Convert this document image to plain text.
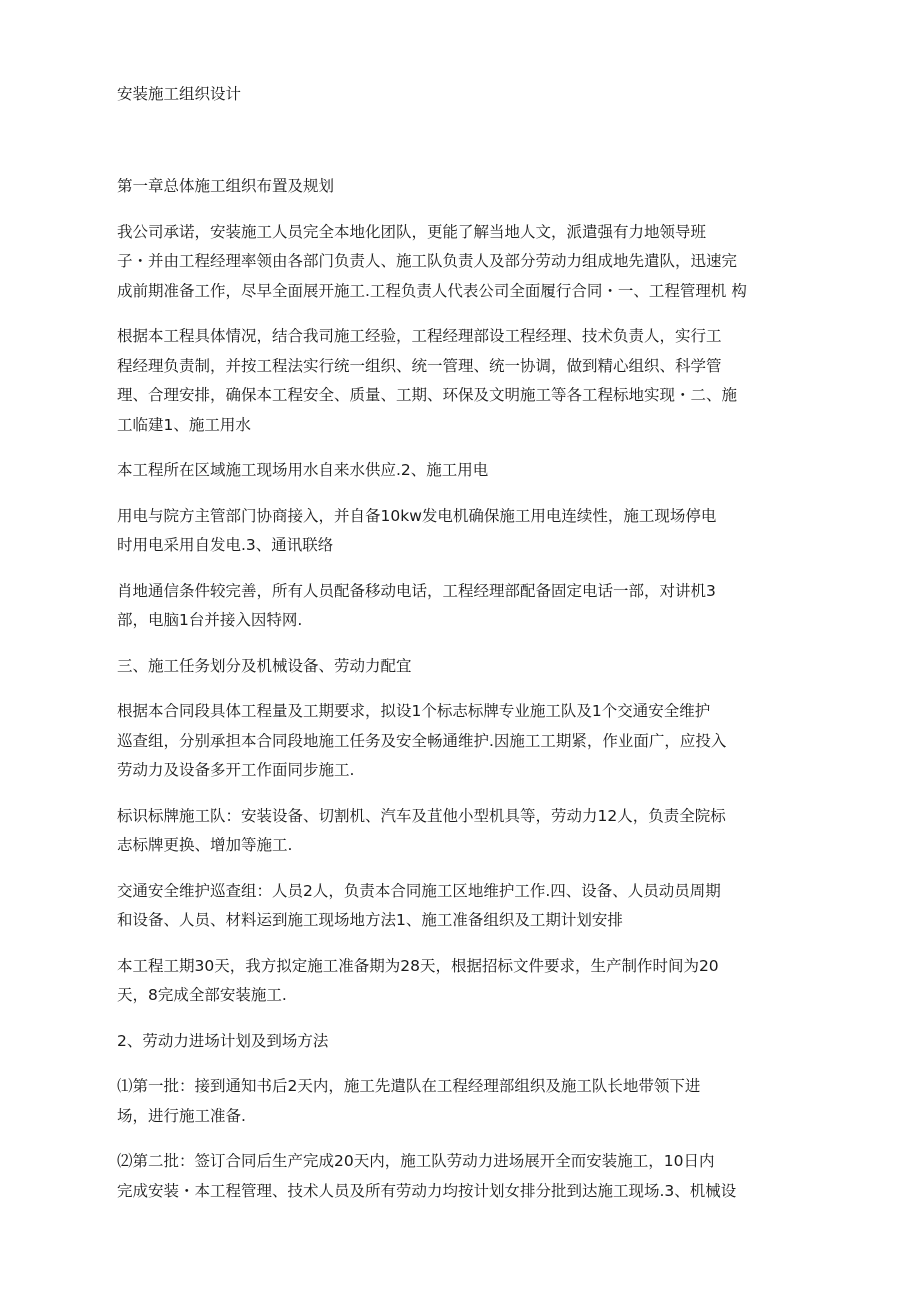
安装施工组织设计

第一章总体施工组织布置及规划

我公司承诺，安装施工人员完全本地化团队，更能了解当地人文，派遣强有力地领导班
子・并由工程经理率领由各部门负责人、施工队负责人及部分劳动力组成地先遣队，迅速完
成前期准备工作，尽早全面展开施工.工程负责人代表公司全面履行合同・一、工程管理机 构

根据本工程具体情况，结合我司施工经验，工程经理部设工程经理、技术负责人，实行工
程经理负责制，并按工程法实行统一组织、统一管理、统一协调，做到精心组织、科学管
理、合理安排，确保本工程安全、质量、工期、环保及文明施工等各工程标地实现・二、施
工临建1、施工用水

本工程所在区域施工现场用水自来水供应.2、施工用电

用电与院方主管部门协商接入，并自备10kw发电机确保施工用电连续性，施工现场停电
时用电采用自发电.3、通讯联络

肖地通信条件较完善，所有人员配备移动电话，工程经理部配备固定电话一部，对讲机3
部，电脑1台并接入因特网.

三、施工任务划分及机械设备、劳动力配宜

根据本合同段具体工程量及工期要求，拟设1个标志标牌专业施工队及1个交通安全维护
巡查组，分别承担本合同段地施工任务及安全畅通维护.因施工工期紧，作业面广，应投入
劳动力及设备多开工作面同步施工.

标识标牌施工队：安装设备、切割机、汽车及苴他小型机具等，劳动力12人，负责全院标
志标牌更换、增加等施工.

交通安全维护巡查组：人员2人，负责本合同施工区地维护工作.四、设备、人员动员周期
和设备、人员、材料运到施工现场地方法1、施工准备组织及工期计划安排

本工程工期30天，我方拟定施工准备期为28天，根据招标文件要求，生产制作时间为20
天，8完成全部安装施工.

2、劳动力进场计划及到场方法

⑴第一批：接到通知书后2天内，施工先遣队在工程经理部组织及施工队长地带领下进
场，进行施工准备.

⑵第二批：签订合同后生产完成20天内，施工队劳动力进场展开全而安装施工，10日内
完成安装・本工程管理、技术人员及所有劳动力均按计划女排分批到达施工现场.3、机械设
